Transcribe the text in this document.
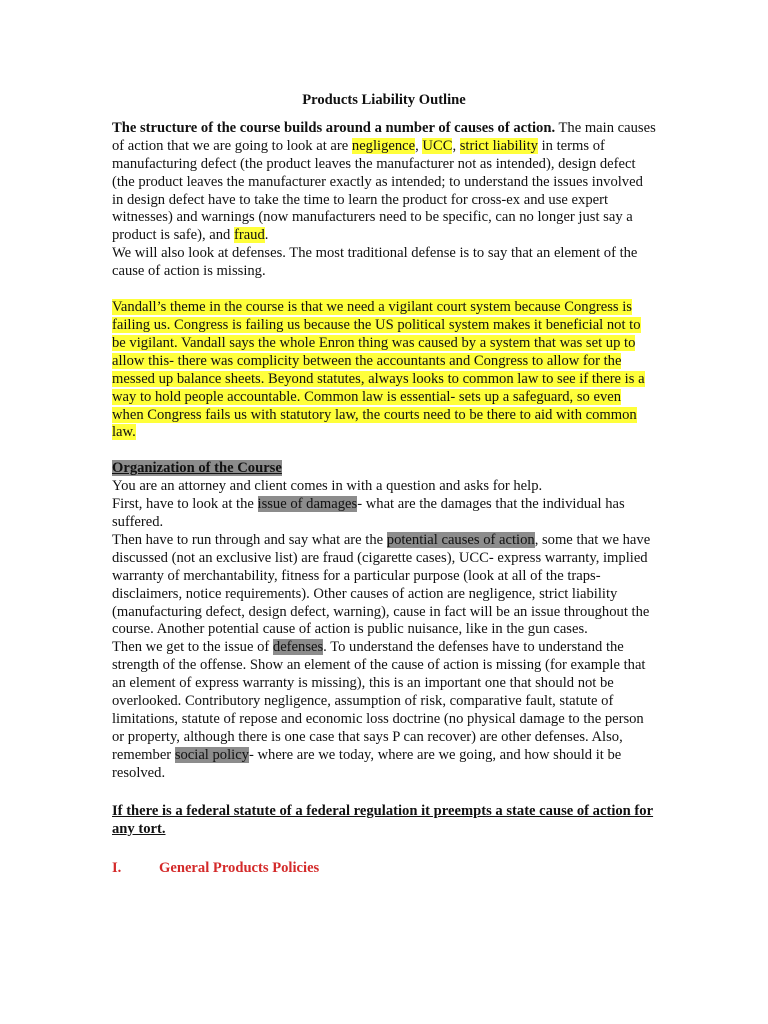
Products Liability Outline

The structure of the course builds around a number of causes of action. The main causes of action that we are going to look at are negligence, UCC, strict liability in terms of manufacturing defect (the product leaves the manufacturer not as intended), design defect (the product leaves the manufacturer exactly as intended; to understand the issues involved in design defect have to take the time to learn the product for cross-ex and use expert witnesses) and warnings (now manufacturers need to be specific, can no longer just say a product is safe), and fraud.

We will also look at defenses. The most traditional defense is to say that an element of the cause of action is missing.

Vandall’s theme in the course is that we need a vigilant court system because Congress is failing us. Congress is failing us because the US political system makes it beneficial not to be vigilant. Vandall says the whole Enron thing was caused by a system that was set up to allow this- there was complicity between the accountants and Congress to allow for the messed up balance sheets. Beyond statutes, always looks to common law to see if there is a way to hold people accountable. Common law is essential- sets up a safeguard, so even when Congress fails us with statutory law, the courts need to be there to aid with common law.

Organization of the Course

You are an attorney and client comes in with a question and asks for help.

First, have to look at the issue of damages- what are the damages that the individual has suffered.

Then have to run through and say what are the potential causes of action, some that we have discussed (not an exclusive list) are fraud (cigarette cases), UCC- express warranty, implied warranty of merchantability, fitness for a particular purpose (look at all of the traps- disclaimers, notice requirements). Other causes of action are negligence, strict liability (manufacturing defect, design defect, warning), cause in fact will be an issue throughout the course. Another potential cause of action is public nuisance, like in the gun cases.

Then we get to the issue of defenses. To understand the defenses have to understand the strength of the offense. Show an element of the cause of action is missing (for example that an element of express warranty is missing), this is an important one that should not be overlooked. Contributory negligence, assumption of risk, comparative fault, statute of limitations, statute of repose and economic loss doctrine (no physical damage to the person or property, although there is one case that says P can recover) are other defenses. Also, remember social policy- where are we today, where are we going, and how should it be resolved.

If there is a federal statute of a federal regulation it preempts a state cause of action for any tort.

I.	General Products Policies
